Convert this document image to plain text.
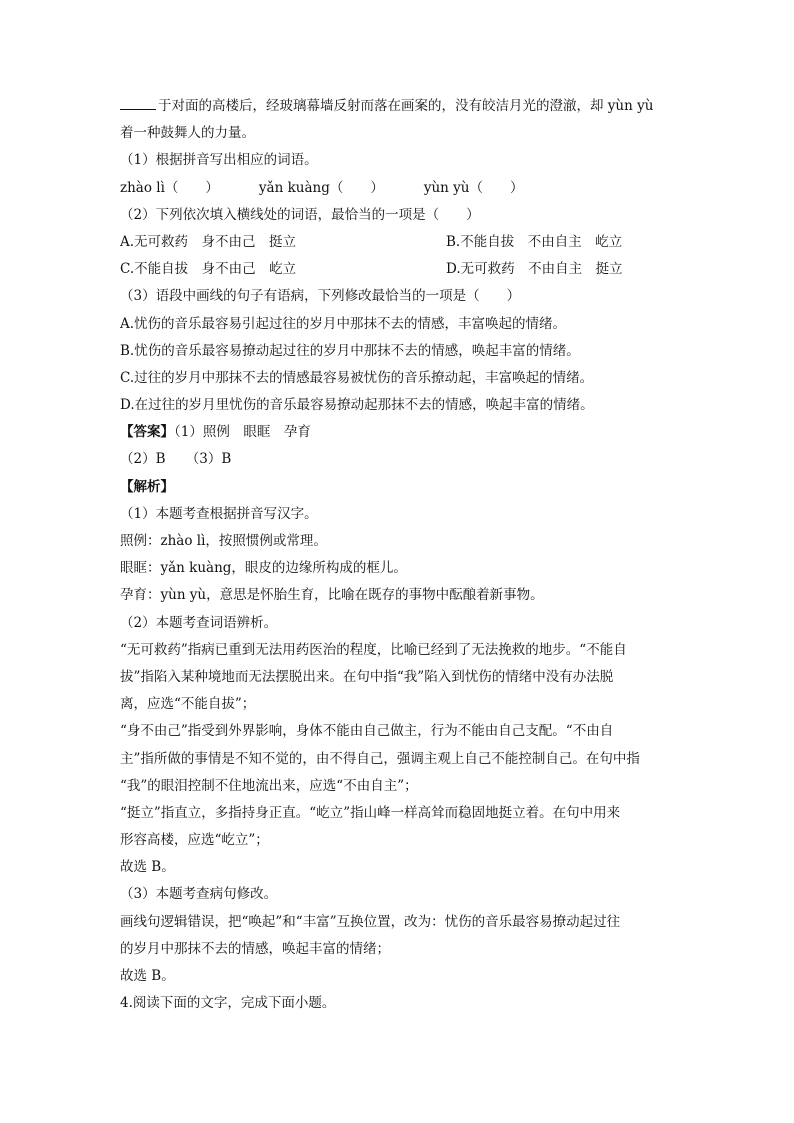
于对面的高楼后，经玻璃幕墙反射而落在画案的，没有皎洁月光的澄澈，却 yùn yù
着一种鼓舞人的力量。
（1）根据拼音写出相应的词语。
zhào lì（　　）	yǎn kuàng（　　）	yùn yù（　　）
（2）下列依次填入横线处的词语，最恰当的一项是（　　）
A.无可救药　身不由己　挺立	B.不能自拔　不由自主　屹立
C.不能自拔　身不由己　屹立	D.无可救药　不由自主　挺立
（3）语段中画线的句子有语病，下列修改最恰当的一项是（　　）
A.忧伤的音乐最容易引起过往的岁月中那抹不去的情感，丰富唤起的情绪。
B.忧伤的音乐最容易撩动起过往的岁月中那抹不去的情感，唤起丰富的情绪。
C.过往的岁月中那抹不去的情感最容易被忧伤的音乐撩动起，丰富唤起的情绪。
D.在过往的岁月里忧伤的音乐最容易撩动起那抹不去的情感，唤起丰富的情绪。
【答案】（1）照例　眼眶　孕育
（2）B　　（3）B
【解析】
（1）本题考查根据拼音写汉字。
照例：zhào lì，按照惯例或常理。
眼眶：yǎn kuàng，眼皮的边缘所构成的框儿。
孕育：yùn yù，意思是怀胎生育，比喻在既存的事物中酝酿着新事物。
（2）本题考查词语辨析。
“无可救药”指病已重到无法用药医治的程度，比喻已经到了无法挽救的地步。“不能自
拔”指陷入某种境地而无法摆脱出来。在句中指“我”陷入到忧伤的情绪中没有办法脱
离，应选“不能自拔”；
“身不由己”指受到外界影响，身体不能由自己做主，行为不能由自己支配。“不由自
主”指所做的事情是不知不觉的，由不得自己，强调主观上自己不能控制自己。在句中指
“我”的眼泪控制不住地流出来，应选“不由自主”；
“挺立”指直立，多指持身正直。“屹立”指山峰一样高耸而稳固地挺立着。在句中用来
形容高楼，应选“屹立”；
故选 B。
（3）本题考查病句修改。
画线句逻辑错误，把“唤起”和“丰富”互换位置，改为：忧伤的音乐最容易撩动起过往
的岁月中那抹不去的情感，唤起丰富的情绪；
故选 B。
4.阅读下面的文字，完成下面小题。
